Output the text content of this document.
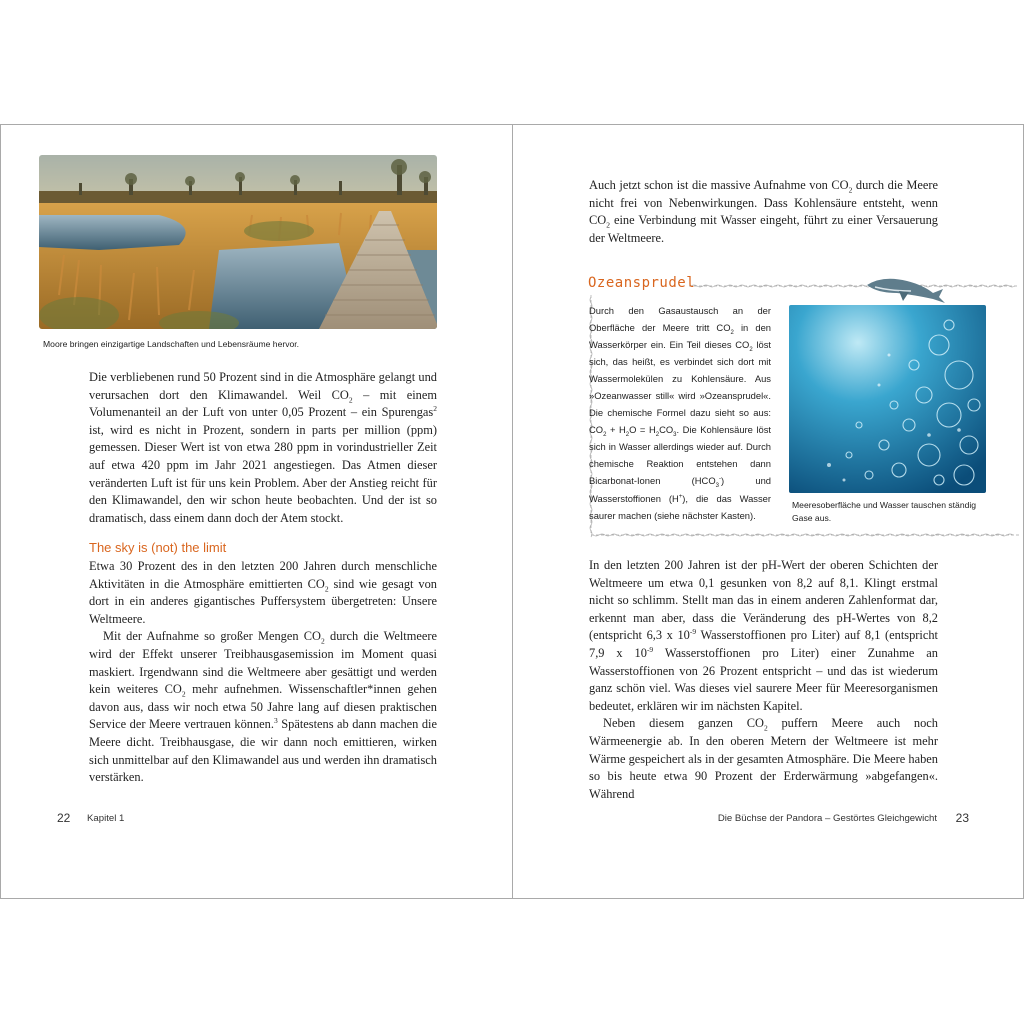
Moore bringen einzigartige Landschaften und Lebensräume hervor.

Die verbliebenen rund 50 Prozent sind in die Atmosphäre gelangt und verursachen dort den Klimawandel. Weil $CO_2$ – mit einem Volumenanteil an der Luft von unter 0,05 Prozent – ein Spurengas$^2$ ist, wird es nicht in Prozent, sondern in parts per million (ppm) gemessen. Dieser Wert ist von etwa 280 ppm in vorindustrieller Zeit auf etwa 420 ppm im Jahr 2021 angestiegen. Das Atmen dieser veränderten Luft ist für uns kein Problem. Aber der Anstieg reicht für den Klimawandel, den wir schon heute beobachten. Und der ist so dramatisch, dass einem dann doch der Atem stockt.

The sky is (not) the limit

Etwa 30 Prozent des in den letzten 200 Jahren durch menschliche Aktivitäten in die Atmosphäre emittierten $CO_2$ sind wie gesagt von dort in ein anderes gigantisches Puffersystem übergetreten: Unsere Weltmeere.

Mit der Aufnahme so großer Mengen $CO_2$ durch die Weltmeere wird der Effekt unserer Treibhausgasemission im Moment quasi maskiert. Irgendwann sind die Weltmeere aber gesättigt und werden kein weiteres $CO_2$ mehr aufnehmen. Wissenschaftler*innen gehen davon aus, dass wir noch etwa 50 Jahre lang auf diesen praktischen Service der Meere vertrauen können.$^3$ Spätestens ab dann machen die Meere dicht. Treibhausgase, die wir dann noch emittieren, wirken sich unmittelbar auf den Klimawandel aus und werden ihn dramatisch verstärken.

22 Kapitel 1

Auch jetzt schon ist die massive Aufnahme von $CO_2$ durch die Meere nicht frei von Nebenwirkungen. Dass Kohlensäure entsteht, wenn $CO_2$ eine Verbindung mit Wasser eingeht, führt zu einer Versauerung der Weltmeere.

Ozeansprudel
Durch den Gasaustausch an der Oberfläche der Meere tritt $CO_2$ in den Wasserkörper ein. Ein Teil dieses $CO_2$ löst sich, das heißt, es verbindet sich dort mit Wassermolekülen zu Kohlensäure. Aus »Ozeanwasser still« wird »Ozeansprudel«. Die chemische Formel dazu sieht so aus: $CO_2 + H_2O = H_2CO_3$. Die Kohlensäure löst sich in Wasser allerdings wieder auf. Durch chemische Reaktion entstehen dann Bicarbonat-Ionen $(HCO_3^-)$ und Wasserstoffionen (H+), die das Wasser saurer machen (siehe nächster Kasten).
Meeresoberfläche und Wasser tauschen ständig Gase aus.

In den letzten 200 Jahren ist der pH-Wert der oberen Schichten der Weltmeere um etwa 0,1 gesunken von 8,2 auf 8,1. Klingt erstmal nicht so schlimm. Stellt man das in einem anderen Zahlenformat dar, erkennt man aber, dass die Veränderung des pH-Wertes von 8,2 (entspricht 6,3 x $10^{-9}$ Wasserstoffionen pro Liter) auf 8,1 (entspricht 7,9 x $10^{-9}$ Wasserstoffionen pro Liter) einer Zunahme an Wasserstoffionen von 26 Prozent entspricht – und das ist wiederum ganz schön viel. Was dieses viel saurere Meer für Meeresorganismen bedeutet, erklären wir im nächsten Kapitel.

Neben diesem ganzen $CO_2$ puffern Meere auch noch Wärmeenergie ab. In den oberen Metern der Weltmeere ist mehr Wärme gespeichert als in der gesamten Atmosphäre. Die Meere haben so bis heute etwa 90 Prozent der Erderwärmung »abgefangen«. Während

Die Büchse der Pandora – Gestörtes Gleichgewicht 23
